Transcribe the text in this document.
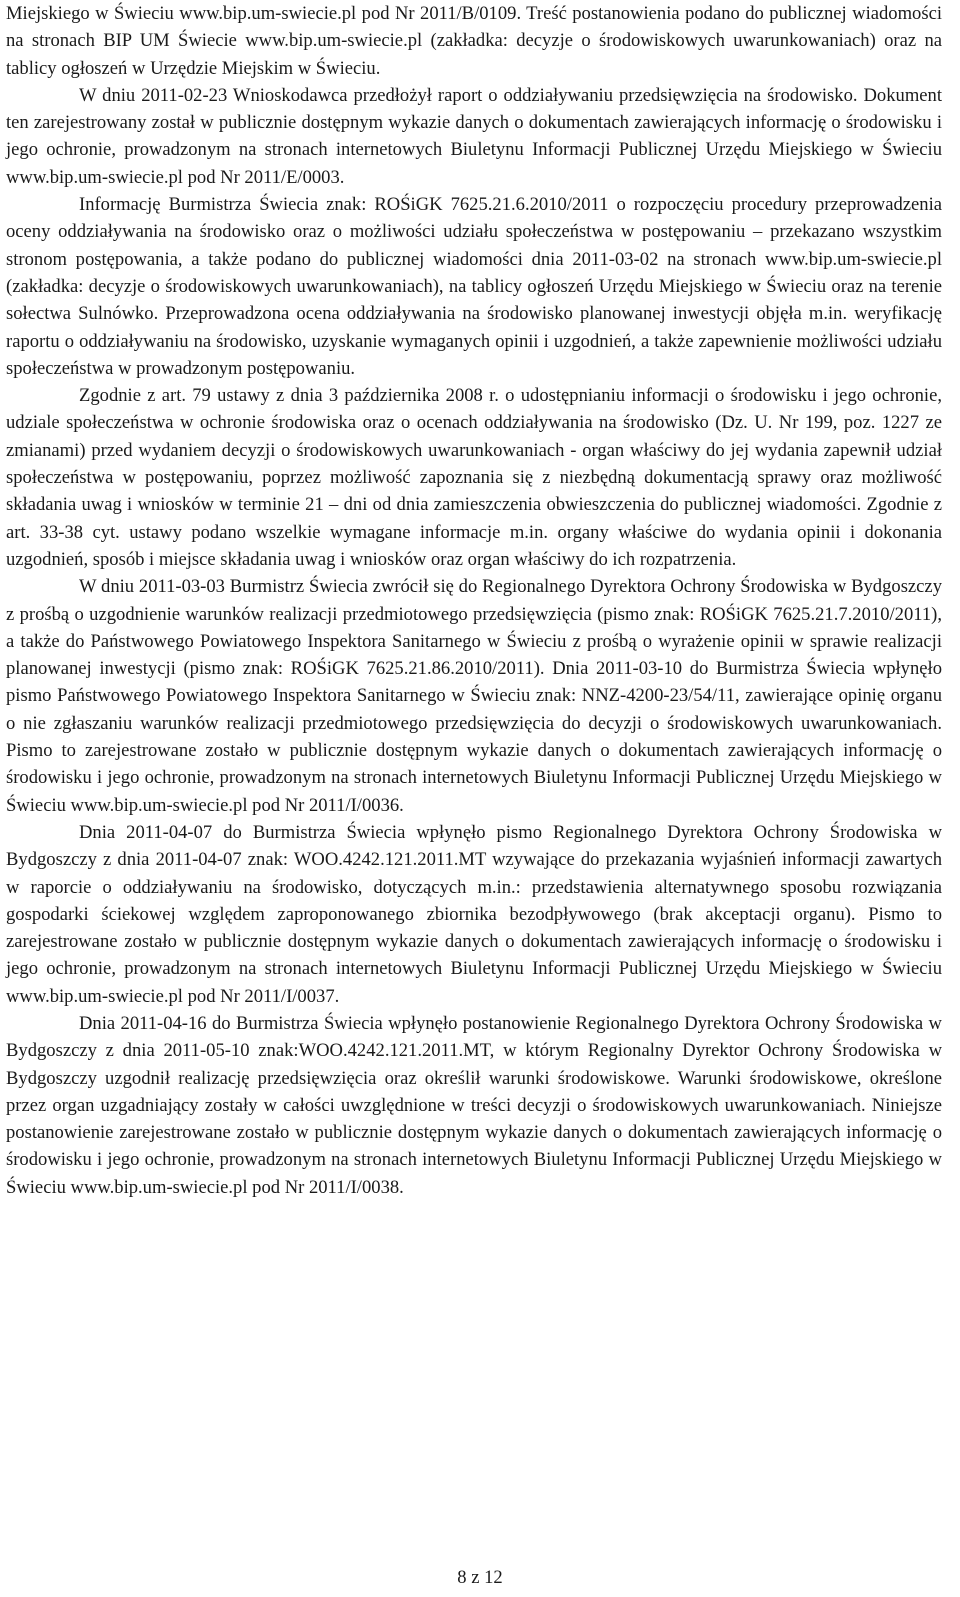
Miejskiego w Świeciu www.bip.um-swiecie.pl pod Nr 2011/B/0109. Treść postanowienia podano do publicznej wiadomości na stronach BIP UM Świecie www.bip.um-swiecie.pl (zakładka: decyzje o środowiskowych uwarunkowaniach) oraz na tablicy ogłoszeń w Urzędzie Miejskim w Świeciu.

W dniu 2011-02-23 Wnioskodawca przedłożył raport o oddziaływaniu przedsięwzięcia na środowisko. Dokument ten zarejestrowany został w publicznie dostępnym wykazie danych o dokumentach zawierających informację o środowisku i jego ochronie, prowadzonym na stronach internetowych Biuletynu Informacji Publicznej Urzędu Miejskiego w Świeciu www.bip.um-swiecie.pl pod Nr 2011/E/0003.

Informację Burmistrza Świecia znak: ROŚiGK 7625.21.6.2010/2011 o rozpoczęciu procedury przeprowadzenia oceny oddziaływania na środowisko oraz o możliwości udziału społeczeństwa w postępowaniu – przekazano wszystkim stronom postępowania, a także podano do publicznej wiadomości dnia 2011-03-02 na stronach www.bip.um-swiecie.pl (zakładka: decyzje o środowiskowych uwarunkowaniach), na tablicy ogłoszeń Urzędu Miejskiego w Świeciu oraz na terenie sołectwa Sulnówko. Przeprowadzona ocena oddziaływania na środowisko planowanej inwestycji objęła m.in. weryfikację raportu o oddziaływaniu na środowisko, uzyskanie wymaganych opinii i uzgodnień, a także zapewnienie możliwości udziału społeczeństwa w prowadzonym postępowaniu.

Zgodnie z art. 79 ustawy z dnia 3 października 2008 r. o udostępnianiu informacji o środowisku i jego ochronie, udziale społeczeństwa w ochronie środowiska oraz o ocenach oddziaływania na środowisko (Dz. U. Nr 199, poz. 1227 ze zmianami) przed wydaniem decyzji o środowiskowych uwarunkowaniach - organ właściwy do jej wydania zapewnił udział społeczeństwa w postępowaniu, poprzez możliwość zapoznania się z niezbędną dokumentacją sprawy oraz możliwość składania uwag i wniosków w terminie 21 – dni od dnia zamieszczenia obwieszczenia do publicznej wiadomości. Zgodnie z art. 33-38 cyt. ustawy podano wszelkie wymagane informacje m.in. organy właściwe do wydania opinii i dokonania uzgodnień, sposób i miejsce składania uwag i wniosków oraz organ właściwy do ich rozpatrzenia.

W dniu 2011-03-03 Burmistrz Świecia zwrócił się do Regionalnego Dyrektora Ochrony Środowiska w Bydgoszczy z prośbą o uzgodnienie warunków realizacji przedmiotowego przedsięwzięcia (pismo znak: ROŚiGK 7625.21.7.2010/2011), a także do Państwowego Powiatowego Inspektora Sanitarnego w Świeciu z prośbą o wyrażenie opinii w sprawie realizacji planowanej inwestycji (pismo znak: ROŚiGK 7625.21.86.2010/2011). Dnia 2011-03-10 do Burmistrza Świecia wpłynęło pismo Państwowego Powiatowego Inspektora Sanitarnego w Świeciu znak: NNZ-4200-23/54/11, zawierające opinię organu o nie zgłaszaniu warunków realizacji przedmiotowego przedsięwzięcia do decyzji o środowiskowych uwarunkowaniach. Pismo to zarejestrowane zostało w publicznie dostępnym wykazie danych o dokumentach zawierających informację o środowisku i jego ochronie, prowadzonym na stronach internetowych Biuletynu Informacji Publicznej Urzędu Miejskiego w Świeciu www.bip.um-swiecie.pl pod Nr 2011/I/0036.

Dnia 2011-04-07 do Burmistrza Świecia wpłynęło pismo Regionalnego Dyrektora Ochrony Środowiska w Bydgoszczy z dnia 2011-04-07 znak: WOO.4242.121.2011.MT wzywające do przekazania wyjaśnień informacji zawartych w raporcie o oddziaływaniu na środowisko, dotyczących m.in.: przedstawienia alternatywnego sposobu rozwiązania gospodarki ściekowej względem zaproponowanego zbiornika bezodpływowego (brak akceptacji organu). Pismo to zarejestrowane zostało w publicznie dostępnym wykazie danych o dokumentach zawierających informację o środowisku i jego ochronie, prowadzonym na stronach internetowych Biuletynu Informacji Publicznej Urzędu Miejskiego w Świeciu www.bip.um-swiecie.pl pod Nr 2011/I/0037.

Dnia 2011-04-16 do Burmistrza Świecia wpłynęło postanowienie Regionalnego Dyrektora Ochrony Środowiska w Bydgoszczy z dnia 2011-05-10 znak:WOO.4242.121.2011.MT, w którym Regionalny Dyrektor Ochrony Środowiska w Bydgoszczy uzgodnił realizację przedsięwzięcia oraz określił warunki środowiskowe. Warunki środowiskowe, określone przez organ uzgadniający zostały w całości uwzględnione w treści decyzji o środowiskowych uwarunkowaniach. Niniejsze postanowienie zarejestrowane zostało w publicznie dostępnym wykazie danych o dokumentach zawierających informację o środowisku i jego ochronie, prowadzonym na stronach internetowych Biuletynu Informacji Publicznej Urzędu Miejskiego w Świeciu www.bip.um-swiecie.pl pod Nr 2011/I/0038.

8 z 12
